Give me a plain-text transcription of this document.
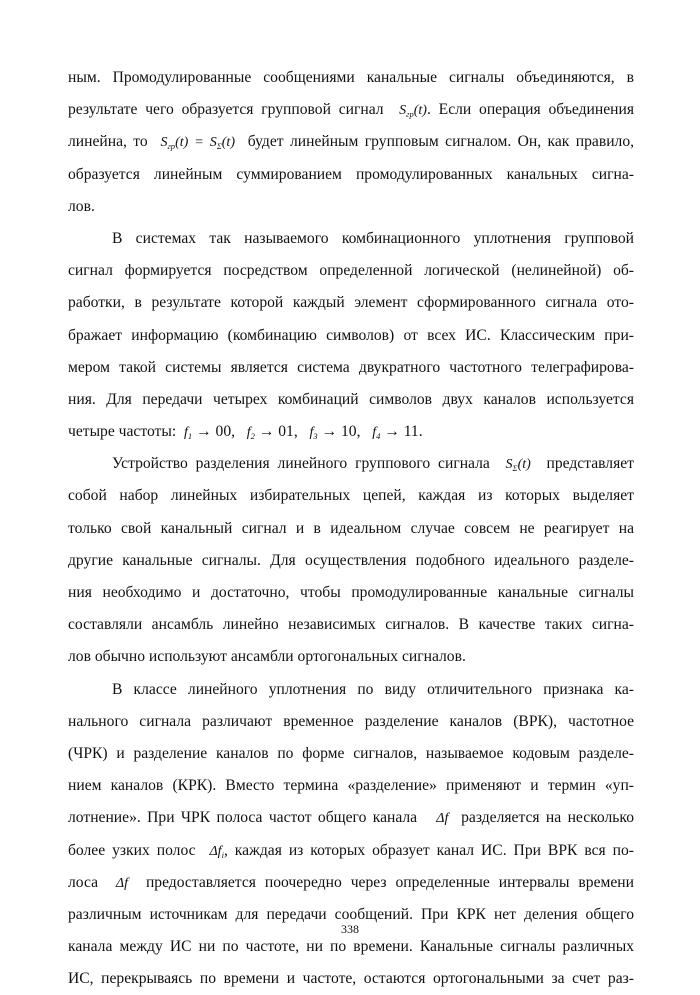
ным. Промодулированные сообщениями канальные сигналы объединяются, в
результате чего образуется групповой сигнал $S_{гр}(t)$. Если операция объединения
линейна, то $S_{гр}(t) = S_\Sigma(t)$ будет линейным групповым сигналом. Он, как правило,
образуется линейным суммированием промодулированных канальных сигна-
лов.
В системах так называемого комбинационного уплотнения групповой
сигнал формируется посредством определенной логической (нелинейной) об-
работки, в результате которой каждый элемент сформированного сигнала ото-
бражает информацию (комбинацию символов) от всех ИС. Классическим при-
мером такой системы является система двукратного частотного телеграфирова-
ния. Для передачи четырех комбинаций символов двух каналов используется
четыре частоты: $f_1 \to 00$, $f_2 \to 01$, $f_3 \to 10$, $f_4 \to 11$.
Устройство разделения линейного группового сигнала $S_\Sigma(t)$ представляет
собой набор линейных избирательных цепей, каждая из которых выделяет
только свой канальный сигнал и в идеальном случае совсем не реагирует на
другие канальные сигналы. Для осуществления подобного идеального разделе-
ния необходимо и достаточно, чтобы промодулированные канальные сигналы
составляли ансамбль линейно независимых сигналов. В качестве таких сигна-
лов обычно используют ансамбли ортогональных сигналов.
В классе линейного уплотнения по виду отличительного признака ка-
нального сигнала различают временное разделение каналов (ВРК), частотное
(ЧРК) и разделение каналов по форме сигналов, называемое кодовым разделе-
нием каналов (КРК). Вместо термина «разделение» применяют и термин «уп-
лотнение». При ЧРК полоса частот общего канала Δf разделяется на несколько
более узких полос $\Delta f_i$, каждая из которых образует канал ИС. При ВРК вся по-
лоса Δf предоставляется поочередно через определенные интервалы времени
различным источникам для передачи сообщений. При КРК нет деления общего
канала между ИС ни по частоте, ни по времени. Канальные сигналы различных
ИС, перекрываясь по времени и частоте, остаются ортогональными за счет раз-
338
